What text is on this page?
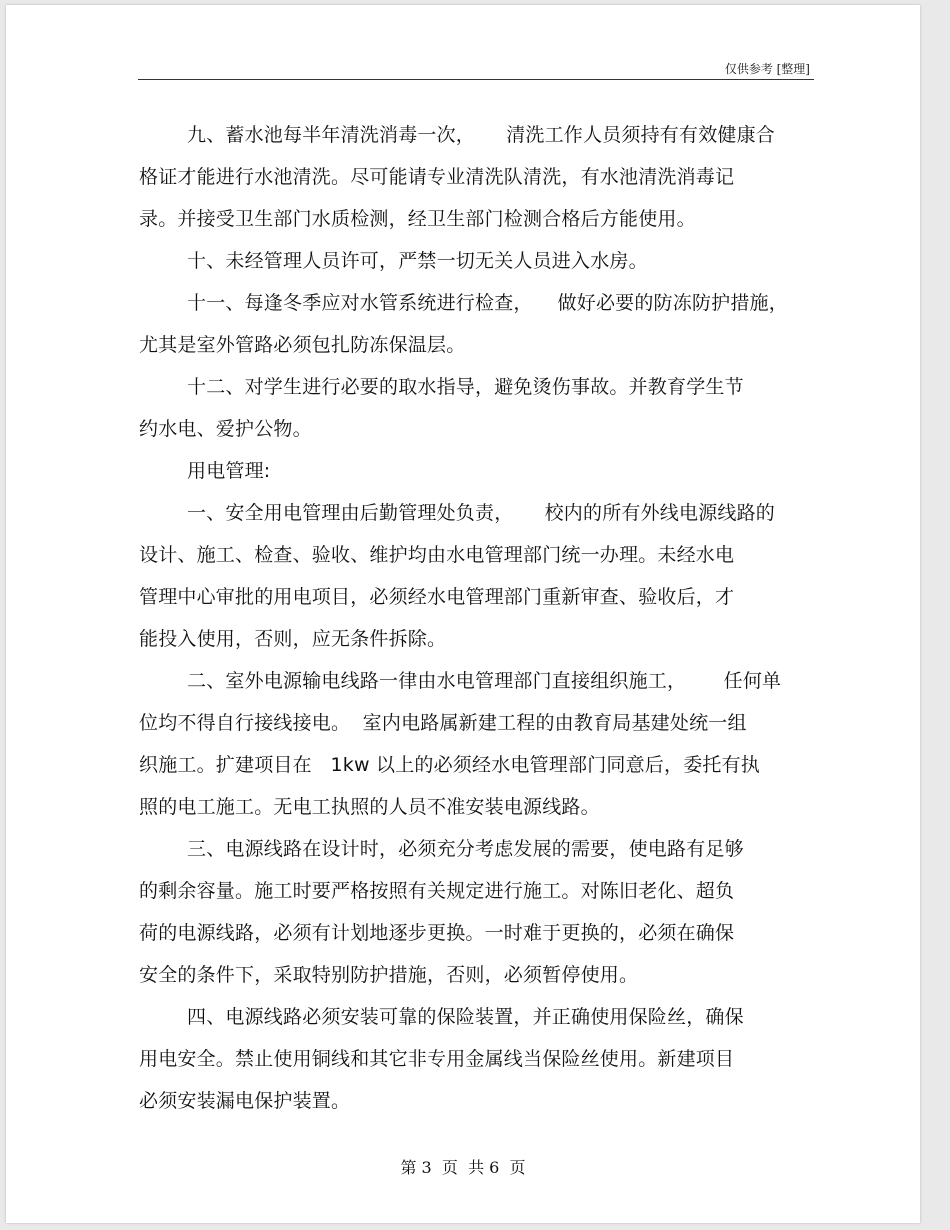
仅供参考 [整理]
九、蓄水池每半年清洗消毒一次，     清洗工作人员须持有有效健康合
格证才能进行水池清洗。尽可能请专业清洗队清洗，有水池清洗消毒记
录。并接受卫生部门水质检测，经卫生部门检测合格后方能使用。
十、未经管理人员许可，严禁一切无关人员进入水房。
十一、每逢冬季应对水管系统进行检查，    做好必要的防冻防护措施，
尤其是室外管路必须包扎防冻保温层。
十二、对学生进行必要的取水指导，避免烫伤事故。并教育学生节
约水电、爱护公物。
用电管理:
一、安全用电管理由后勤管理处负责，     校内的所有外线电源线路的
设计、施工、检查、验收、维护均由水电管理部门统一办理。未经水电
管理中心审批的用电项目，必须经水电管理部门重新审查、验收后，才
能投入使用，否则，应无条件拆除。
二、室外电源输电线路一律由水电管理部门直接组织施工，      任何单
位均不得自行接线接电。  室内电路属新建工程的由教育局基建处统一组
织施工。扩建项目在   1kw 以上的必须经水电管理部门同意后，委托有执
照的电工施工。无电工执照的人员不准安装电源线路。
三、电源线路在设计时，必须充分考虑发展的需要，使电路有足够
的剩余容量。施工时要严格按照有关规定进行施工。对陈旧老化、超负
荷的电源线路，必须有计划地逐步更换。一时难于更换的，必须在确保
安全的条件下，采取特别防护措施，否则，必须暂停使用。
四、电源线路必须安装可靠的保险装置，并正确使用保险丝，确保
用电安全。禁止使用铜线和其它非专用金属线当保险丝使用。新建项目
必须安装漏电保护装置。
第 3  页  共 6  页
